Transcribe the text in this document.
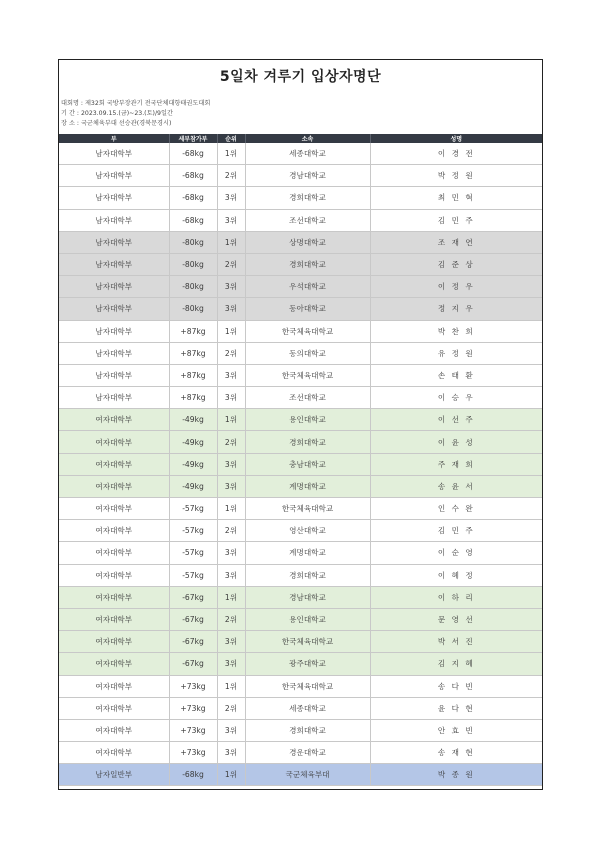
5일차 겨루기 입상자명단
대회명 : 제32회 국방부장관기 전국단체대항태권도대회
기 간 : 2023.09.15.(금)~23.(토)/9일간
장 소 : 국군체육부대 선승관(경북문경시)
부	세부참가부	순위	소속	성명
남자대학부	-68kg	1위	세종대학교	이 경 전
남자대학부	-68kg	2위	경남대학교	박 정 원
남자대학부	-68kg	3위	경희대학교	최 민 혁
남자대학부	-68kg	3위	조선대학교	김 민 주
남자대학부	-80kg	1위	상명대학교	조 재 연
남자대학부	-80kg	2위	경희대학교	김 준 상
남자대학부	-80kg	3위	우석대학교	이 정 우
남자대학부	-80kg	3위	동아대학교	정 지 우
남자대학부	+87kg	1위	한국체육대학교	박 찬 희
남자대학부	+87kg	2위	동의대학교	유 정 원
남자대학부	+87kg	3위	한국체육대학교	손 태 환
남자대학부	+87kg	3위	조선대학교	이 승 우
여자대학부	-49kg	1위	용인대학교	이 선 주
여자대학부	-49kg	2위	경희대학교	이 윤 성
여자대학부	-49kg	3위	충남대학교	주 재 희
여자대학부	-49kg	3위	계명대학교	송 윤 서
여자대학부	-57kg	1위	한국체육대학교	인 수 완
여자대학부	-57kg	2위	영산대학교	김 민 주
여자대학부	-57kg	3위	계명대학교	이 순 영
여자대학부	-57kg	3위	경희대학교	이 혜 정
여자대학부	-67kg	1위	경남대학교	이 하 리
여자대학부	-67kg	2위	용인대학교	문 영 선
여자대학부	-67kg	3위	한국체육대학교	박 서 진
여자대학부	-67kg	3위	광주대학교	김 지 혜
여자대학부	+73kg	1위	한국체육대학교	송 다 빈
여자대학부	+73kg	2위	세종대학교	윤 다 현
여자대학부	+73kg	3위	경희대학교	안 효 빈
여자대학부	+73kg	3위	경운대학교	송 재 현
남자일반부	-68kg	1위	국군체육부대	박 종 원
